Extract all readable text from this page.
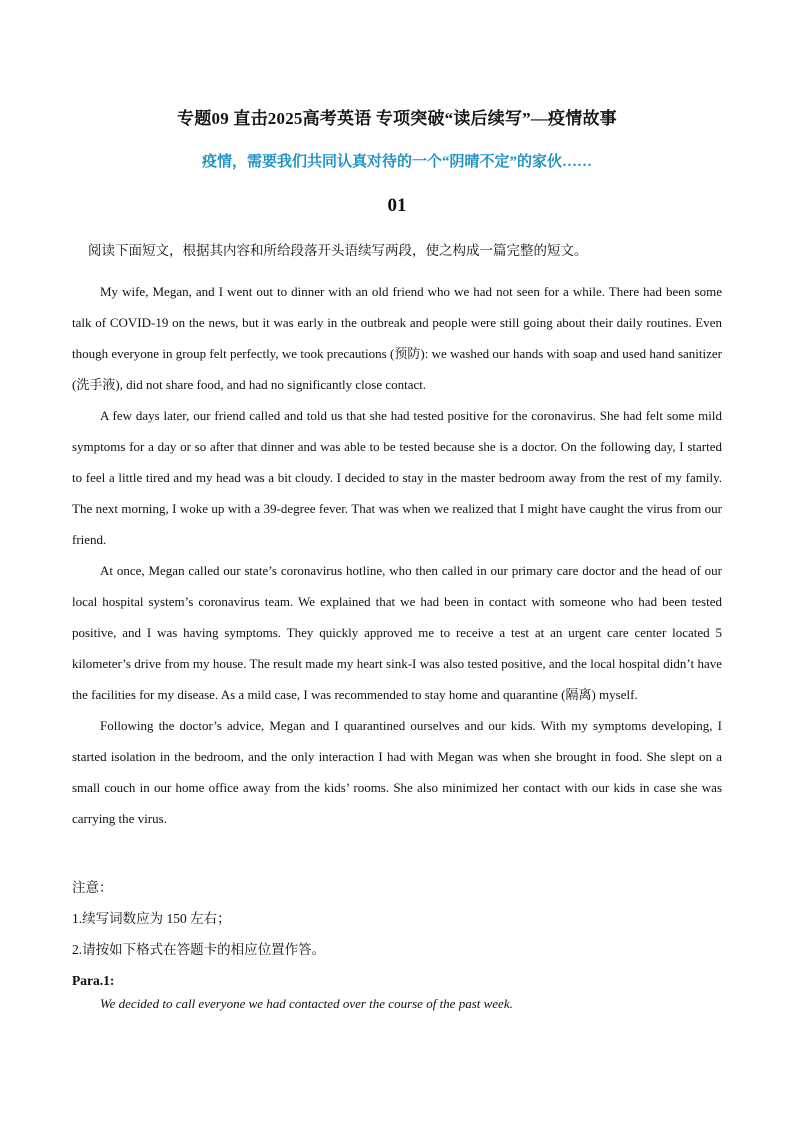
专题09 直击2025高考英语 专项突破“读后续写”—疫情故事
疫情，需要我们共同认真对待的一个“阴晴不定”的家伙……
01
阅读下面短文，根据其内容和所给段落开头语续写两段，使之构成一篇完整的短文。

My wife, Megan, and I went out to dinner with an old friend who we had not seen for a while. There had been some talk of COVID-19 on the news, but it was early in the outbreak and people were still going about their daily routines. Even though everyone in group felt perfectly, we took precautions (预防): we washed our hands with soap and used hand sanitizer (洗手液), did not share food, and had no significantly close contact.

A few days later, our friend called and told us that she had tested positive for the coronavirus. She had felt some mild symptoms for a day or so after that dinner and was able to be tested because she is a doctor. On the following day, I started to feel a little tired and my head was a bit cloudy. I decided to stay in the master bedroom away from the rest of my family. The next morning, I woke up with a 39-degree fever. That was when we realized that I might have caught the virus from our friend.

At once, Megan called our state’s coronavirus hotline, who then called in our primary care doctor and the head of our local hospital system’s coronavirus team. We explained that we had been in contact with someone who had been tested positive, and I was having symptoms. They quickly approved me to receive a test at an urgent care center located 5 kilometer’s drive from my house. The result made my heart sink-I was also tested positive, and the local hospital didn’t have the facilities for my disease. As a mild case, I was recommended to stay home and quarantine (隔离) myself.

Following the doctor’s advice, Megan and I quarantined ourselves and our kids. With my symptoms developing, I started isolation in the bedroom, and the only interaction I had with Megan was when she brought in food. She slept on a small couch in our home office away from the kids’ rooms. She also minimized her contact with our kids in case she was carrying the virus.

注意：
1.续写词数应为 150 左右；
2.请按如下格式在答题卡的相应位置作答。
Para.1:
We decided to call everyone we had contacted over the course of the past week.
